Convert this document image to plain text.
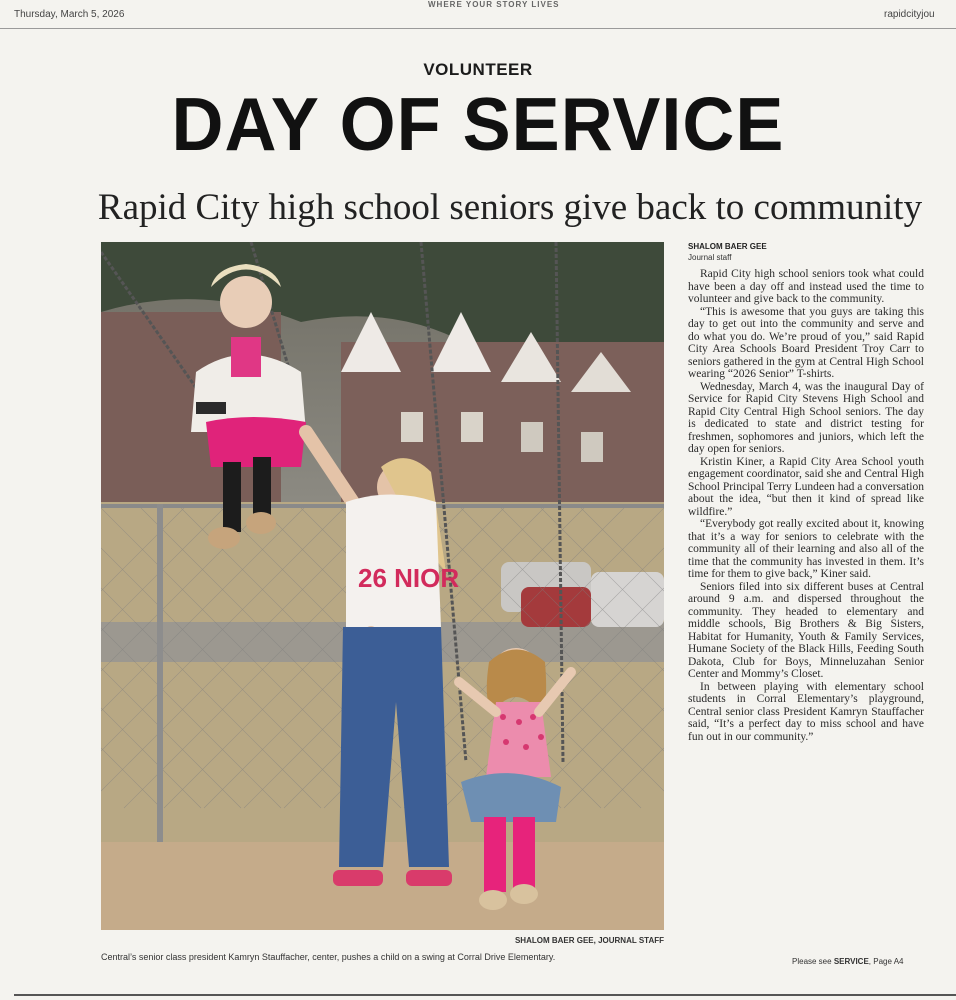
Thursday, March 5, 2026
WHERE YOUR STORY LIVES
rapidcityjou
VOLUNTEER
DAY OF SERVICE
Rapid City high school seniors give back to community
26 NIOR
SHALOM BAER GEE, JOURNAL STAFF
Central’s senior class president Kamryn Stauffacher, center, pushes a child on a swing at Corral Drive Elementary.
SHALOM BAER GEE
Journal staff

Rapid City high school seniors took what could have been a day off and instead used the time to volunteer and give back to the community.

“This is awesome that you guys are taking this day to get out into the community and serve and do what you do. We’re proud of you,” said Rapid City Area Schools Board President Troy Carr to seniors gathered in the gym at Central High School wearing “2026 Senior” T-shirts.

Wednesday, March 4, was the inaugural Day of Service for Rapid City Stevens High School and Rapid City Central High School seniors. The day is dedicated to state and district testing for freshmen, sophomores and juniors, which left the day open for seniors.

Kristin Kiner, a Rapid City Area School youth engagement coordinator, said she and Central High School Principal Terry Lundeen had a conversation about the idea, “but then it kind of spread like wildfire.”

“Everybody got really excited about it, knowing that it’s a way for seniors to celebrate with the community all of their learning and also all of the time that the community has invested in them. It’s time for them to give back,” Kiner said.

Seniors filed into six different buses at Central around 9 a.m. and dispersed throughout the community. They headed to elementary and middle schools, Big Brothers & Big Sisters, Habitat for Humanity, Youth & Family Services, Humane Society of the Black Hills, Feeding South Dakota, Club for Boys, Minneluzahan Senior Center and Mommy’s Closet.

In between playing with elementary school students in Corral Elementary’s playground, Central senior class President Kamryn Stauffacher said, “It’s a perfect day to miss school and have fun out in our community.”

Please see SERVICE, Page A4
